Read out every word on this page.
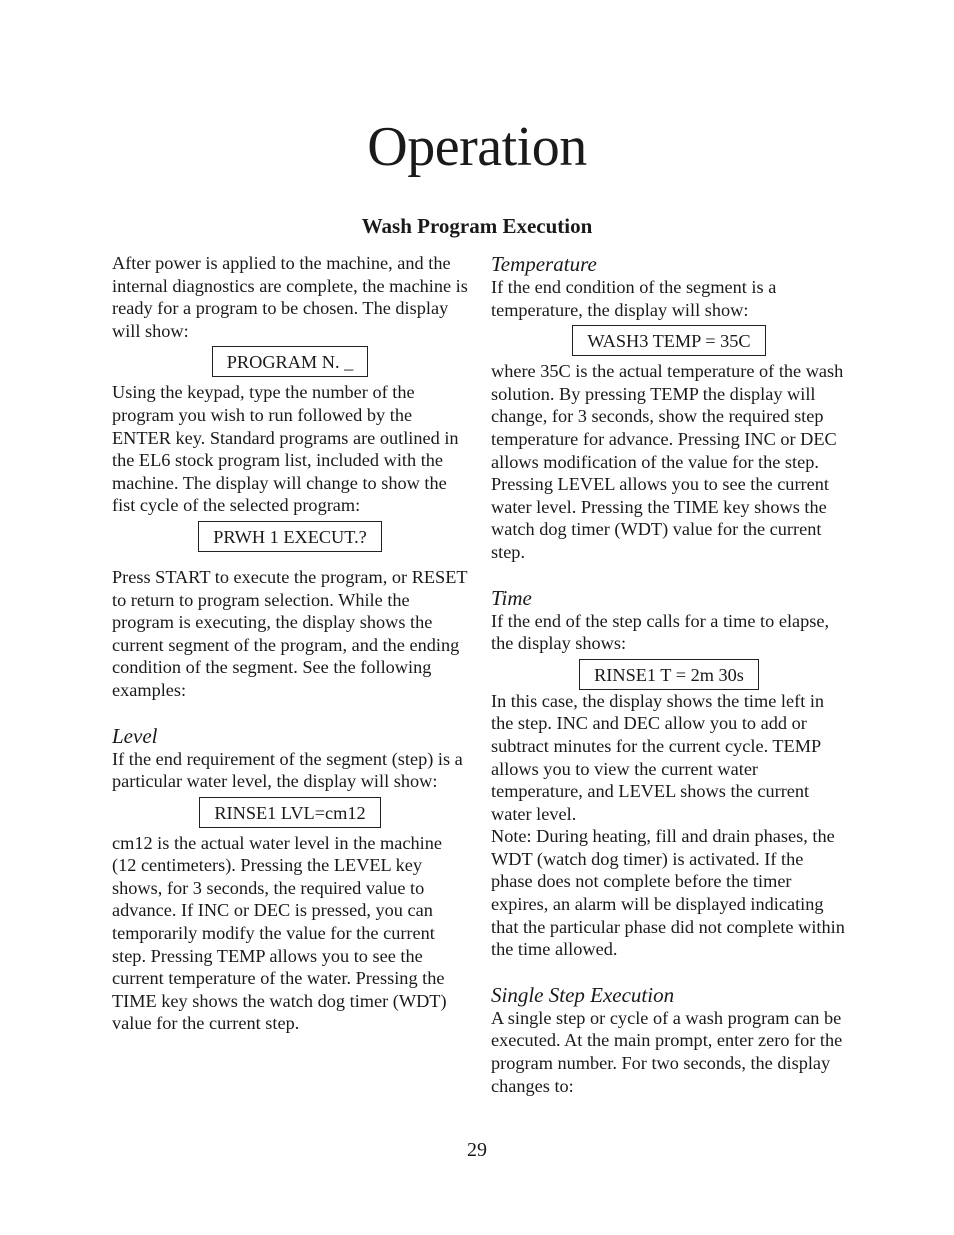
Operation
Wash Program Execution

After power is applied to the machine, and the internal diagnostics are complete, the machine is ready for a program to be chosen. The display will show:

PROGRAM N. _

Using the keypad, type the number of the program you wish to run followed by the ENTER key. Standard programs are outlined in the EL6 stock program list, included with the machine. The display will change to show the fist cycle of the selected program:

PRWH 1 EXECUT.?

Press START to execute the program, or RESET to return to program selection. While the program is executing, the display shows the current segment of the program, and the ending condition of the segment. See the following examples:

Level

If the end requirement of the segment (step) is a particular water level, the display will show:

RINSE1 LVL=cm12

cm12 is the actual water level in the machine (12 centimeters). Pressing the LEVEL key shows, for 3 seconds, the required value to advance. If INC or DEC is pressed, you can temporarily modify the value for the current step. Pressing TEMP allows you to see the current temperature of the water. Pressing the TIME key shows the watch dog timer (WDT) value for the current step.

Temperature

If the end condition of the segment is a temperature, the display will show:

WASH3 TEMP = 35C

where 35C is the actual temperature of the wash solution. By pressing TEMP the display will change, for 3 seconds, show the required step temperature for advance. Pressing INC or DEC allows modification of the value for the step. Pressing LEVEL allows you to see the current water level. Pressing the TIME key shows the watch dog timer (WDT) value for the current step.

Time

If the end of the step calls for a time to elapse, the display shows:

RINSE1 T = 2m 30s

In this case, the display shows the time left in the step. INC and DEC allow you to add or subtract minutes for the current cycle. TEMP allows you to view the current water temperature, and LEVEL shows the current water level.

Note: During heating, fill and drain phases, the WDT (watch dog timer) is activated. If the phase does not complete before the timer expires, an alarm will be displayed indicating that the particular phase did not complete within the time allowed.

Single Step Execution

A single step or cycle of a wash program can be executed. At the main prompt, enter zero for the program number. For two seconds, the display changes to:

29
